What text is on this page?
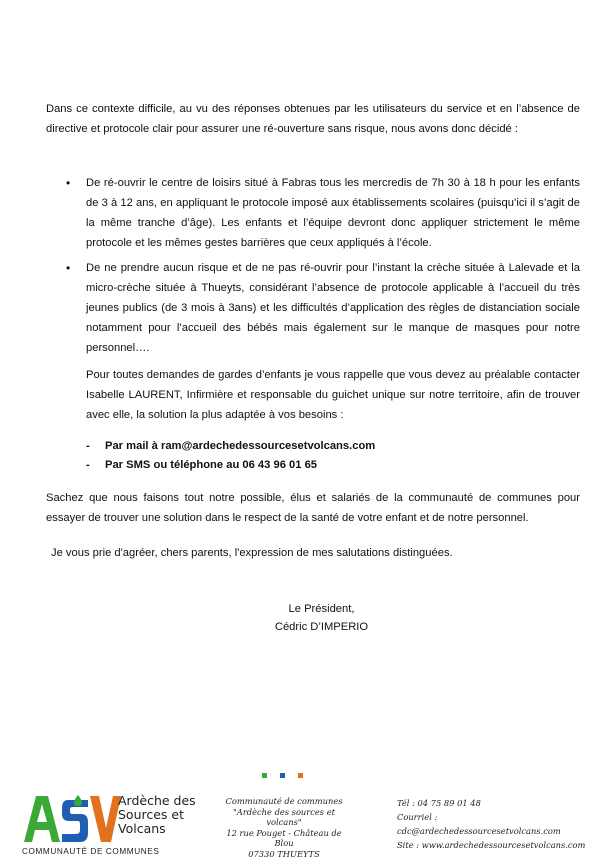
Dans ce contexte difficile, au vu des réponses obtenues par les utilisateurs du service et en l’absence de directive et protocole clair pour assurer une ré-ouverture sans risque, nous avons donc décidé :
•	De ré-ouvrir le centre de loisirs situé à Fabras tous les mercredis de 7h 30 à 18 h pour les enfants de 3 à 12 ans, en appliquant le protocole imposé aux établissements scolaires (puisqu’ici il s’agit de la même tranche d’âge). Les enfants et l’équipe devront donc appliquer strictement le même protocole et les mêmes gestes barrières que ceux appliqués à l’école.
•	De ne prendre aucun risque et de ne pas ré-ouvrir pour l’instant la crèche située à Lalevade et la micro-crèche située à Thueyts, considérant l’absence de protocole applicable à l’accueil du très jeunes publics (de 3 mois à 3ans) et les difficultés d’application des règles de distanciation sociale notamment pour l’accueil des bébés mais également sur le manque de masques pour notre personnel….
Pour toutes demandes de gardes d’enfants je vous rappelle que vous devez au préalable contacter Isabelle LAURENT, Infirmière et responsable du guichet unique sur notre territoire, afin de trouver avec elle, la solution la plus adaptée à vos besoins :
- Par mail à ram@ardechedessourcesetvolcans.com
- Par SMS ou téléphone au 06 43 96 01 65
Sachez que nous faisons tout notre possible, élus et salariés de la communauté de communes pour essayer de trouver une solution dans le respect de la santé de votre enfant et de notre personnel.
Je vous prie d'agréer, chers parents, l'expression de mes salutations distinguées.
Le Président,
Cédric D’IMPERIO
Ardèche des
Sources et
Volcans
COMMUNAUTÉ DE COMMUNES
Communauté de communes
"Ardèche des sources et volcans"
12 rue Pouget - Château de Blou
07330 THUEYTS
Tél : 04 75 89 01 48
Courriel : cdc@ardechedessourcesetvolcans.com
Site : www.ardechedessourcesetvolcans.com
